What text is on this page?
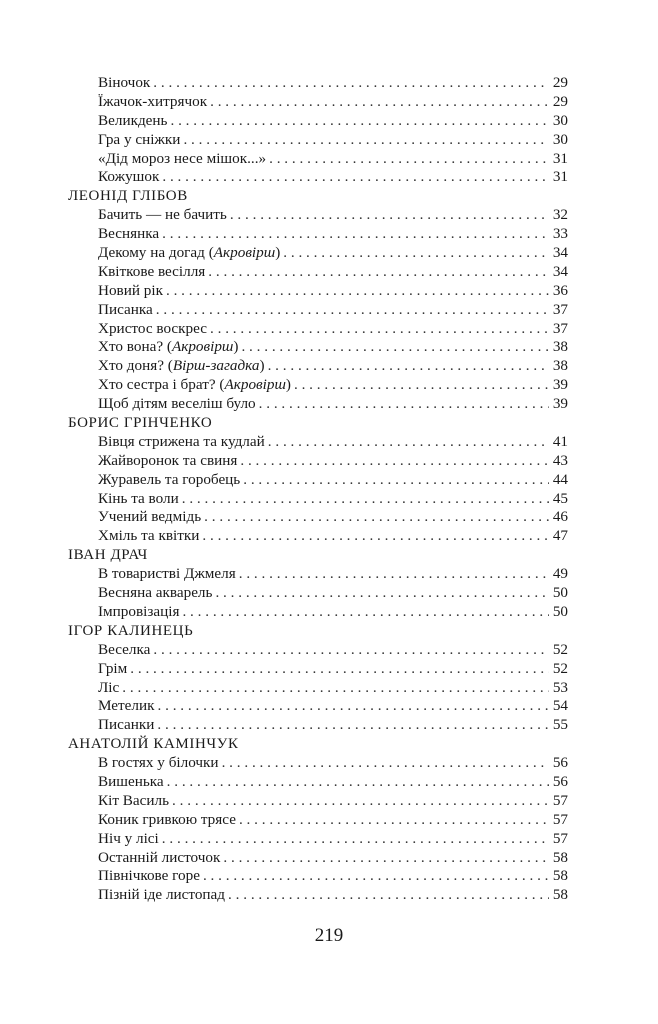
Віночок . . .	29
Їжачок-хитрячок . . .	29
Великдень . . .	30
Гра у сніжки . . .	30
«Дід мороз несе мішок...» . . .	31
Кожушок . . .	31
ЛЕОНІД ГЛІБОВ
Бачить — не бачить . . .	32
Веснянка . . .	33
Декому на догад (Акровірш) . . .	34
Квіткове весілля . . .	34
Новий рік . . .	36
Писанка . . .	37
Христос воскрес . . .	37
Хто вона? (Акровірш) . . .	38
Хто доня? (Вірш-загадка) . . .	38
Хто сестра і брат? (Акровірш) . . .	39
Щоб дітям веселіш було . . .	39
БОРИС ГРІНЧЕНКО
Вівця стрижена та кудлай . . .	41
Жайворонок та свиня . . .	43
Журавель та горобець . . .	44
Кінь та воли . . .	45
Учений ведмідь . . .	46
Хміль та квітки . . .	47
ІВАН ДРАЧ
В товаристві Джмеля . . .	49
Весняна акварель . . .	50
Імпровізація . . .	50
ІГОР КАЛИНЕЦЬ
Веселка . . .	52
Грім . . .	52
Ліс . . .	53
Метелик . . .	54
Писанки . . .	55
АНАТОЛІЙ КАМІНЧУК
В гостях у білочки . . .	56
Вишенька . . .	56
Кіт Василь . . .	57
Коник гривкою трясе . . .	57
Ніч у лісі . . .	57
Останній листочок . . .	58
Північкове горе . . .	58
Пізній іде листопад . . .	58
219
